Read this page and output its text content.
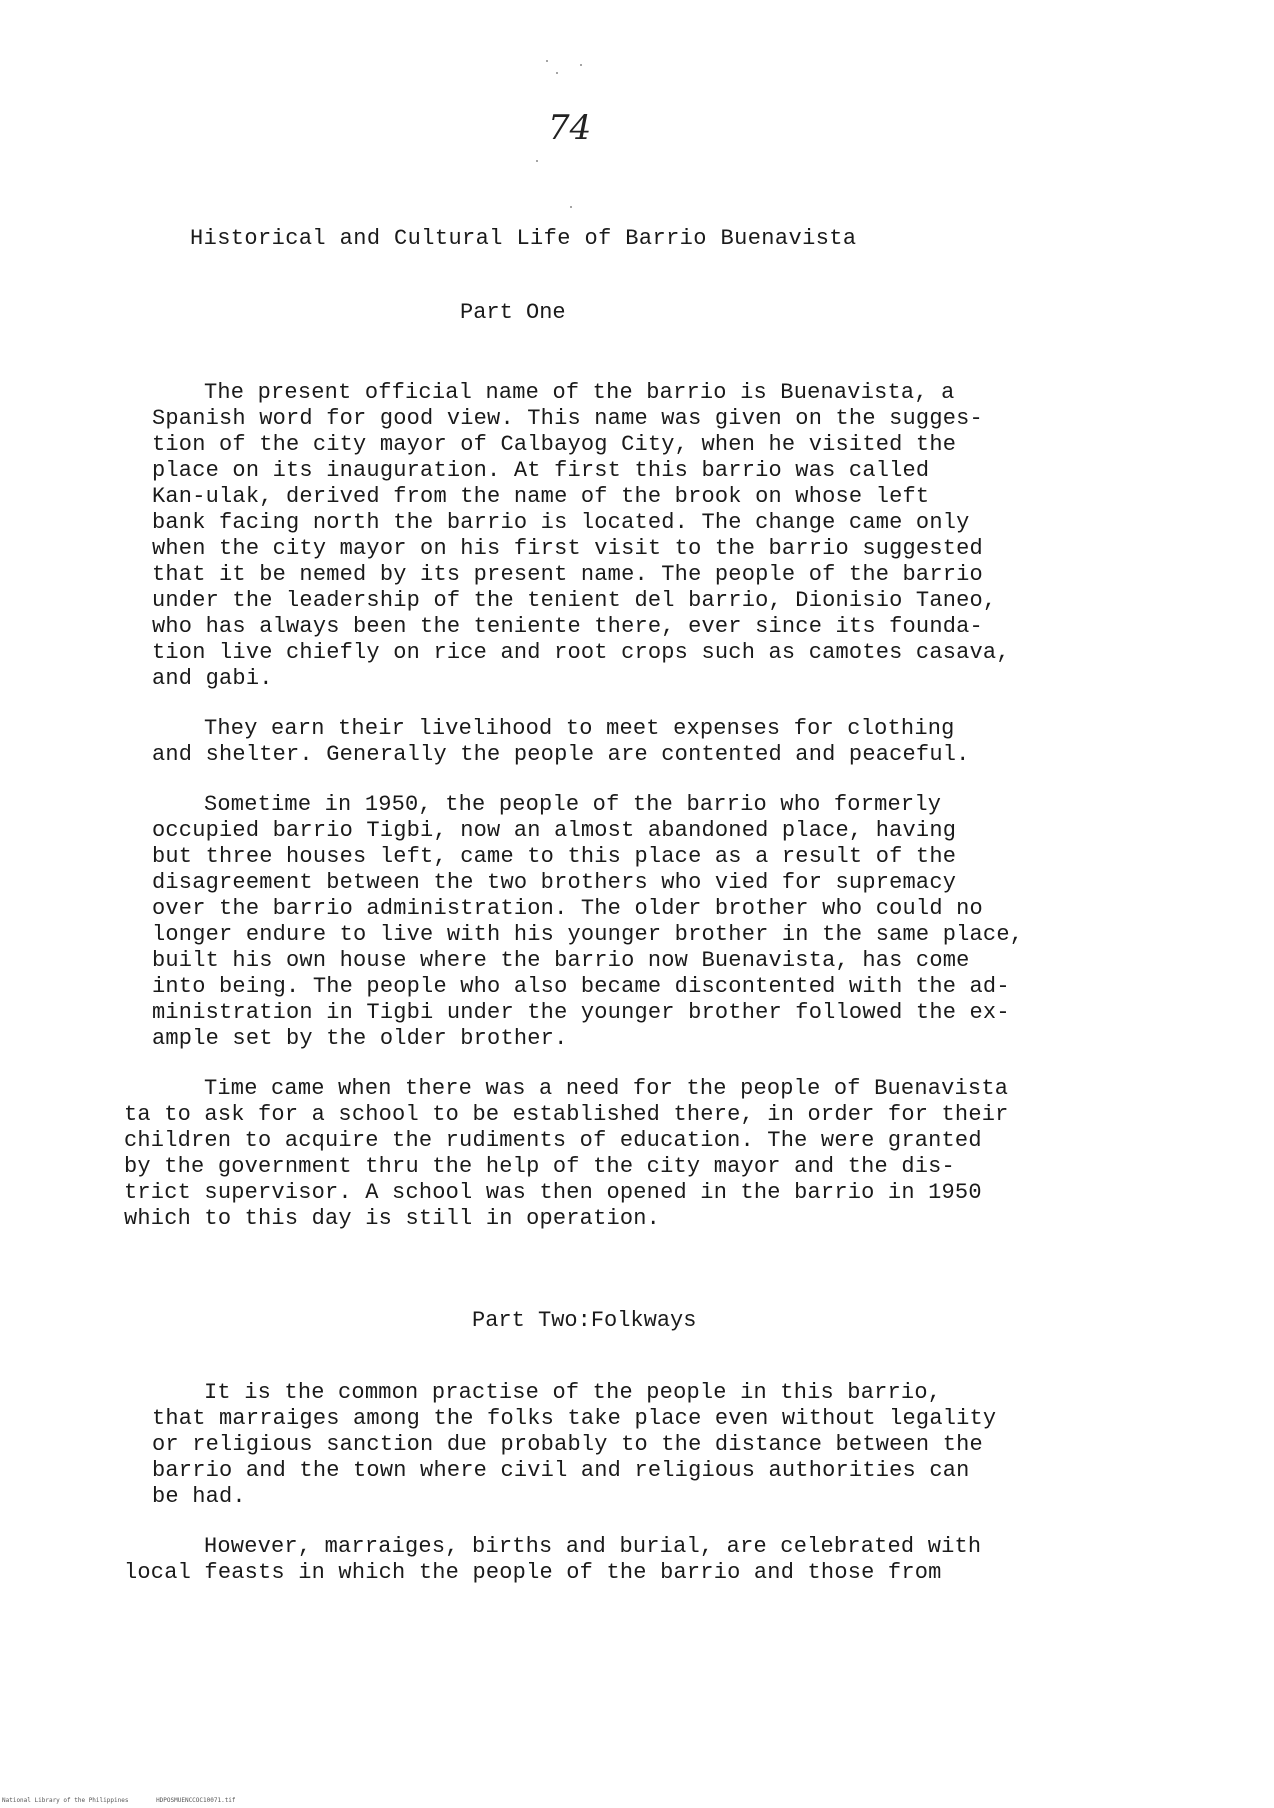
74
Historical and Cultural Life of Barrio Buenavista
Part One
The present official name of the barrio is Buenavista, a
Spanish word for good view. This name was given on the sugges-
tion of the city mayor of Calbayog City, when he visited the
place on its inauguration. At first this barrio was called
Kan-ulak, derived from the name of the brook on whose left
bank facing north the barrio is located. The change came only
when the city mayor on his first visit to the barrio suggested
that it be nemed by its present name. The people of the barrio
under the leadership of the tenient del barrio, Dionisio Taneo,
who has always been the teniente there, ever since its founda-
tion live chiefly on rice and root crops such as camotes casava,
and gabi.
They earn their livelihood to meet expenses for clothing
and shelter. Generally the people are contented and peaceful.
Sometime in 1950, the people of the barrio who formerly
occupied barrio Tigbi, now an almost abandoned place, having
but three houses left, came to this place as a result of the
disagreement between the two brothers who vied for supremacy
over the barrio administration. The older brother who could no
longer endure to live with his younger brother in the same place,
built his own house where the barrio now Buenavista, has come
into being. The people who also became discontented with the ad-
ministration in Tigbi under the younger brother followed the ex-
ample set by the older brother.
Time came when there was a need for the people of Buenavista
ta to ask for a school to be established there, in order for their
children to acquire the rudiments of education. The were granted
by the government thru the help of the city mayor and the dis-
trict supervisor. A school was then opened in the barrio in 1950
which to this day is still in operation.
Part Two:Folkways
It is the common practise of the people in this barrio,
that marraiges among the folks take place even without legality
or religious sanction due probably to the distance between the
barrio and the town where civil and religious authorities can
be had.
However, marraiges, births and burial, are celebrated with
local feasts in which the people of the barrio and those from
National Library of the Philippines	HDPOSMUENCCOC10071.tif
